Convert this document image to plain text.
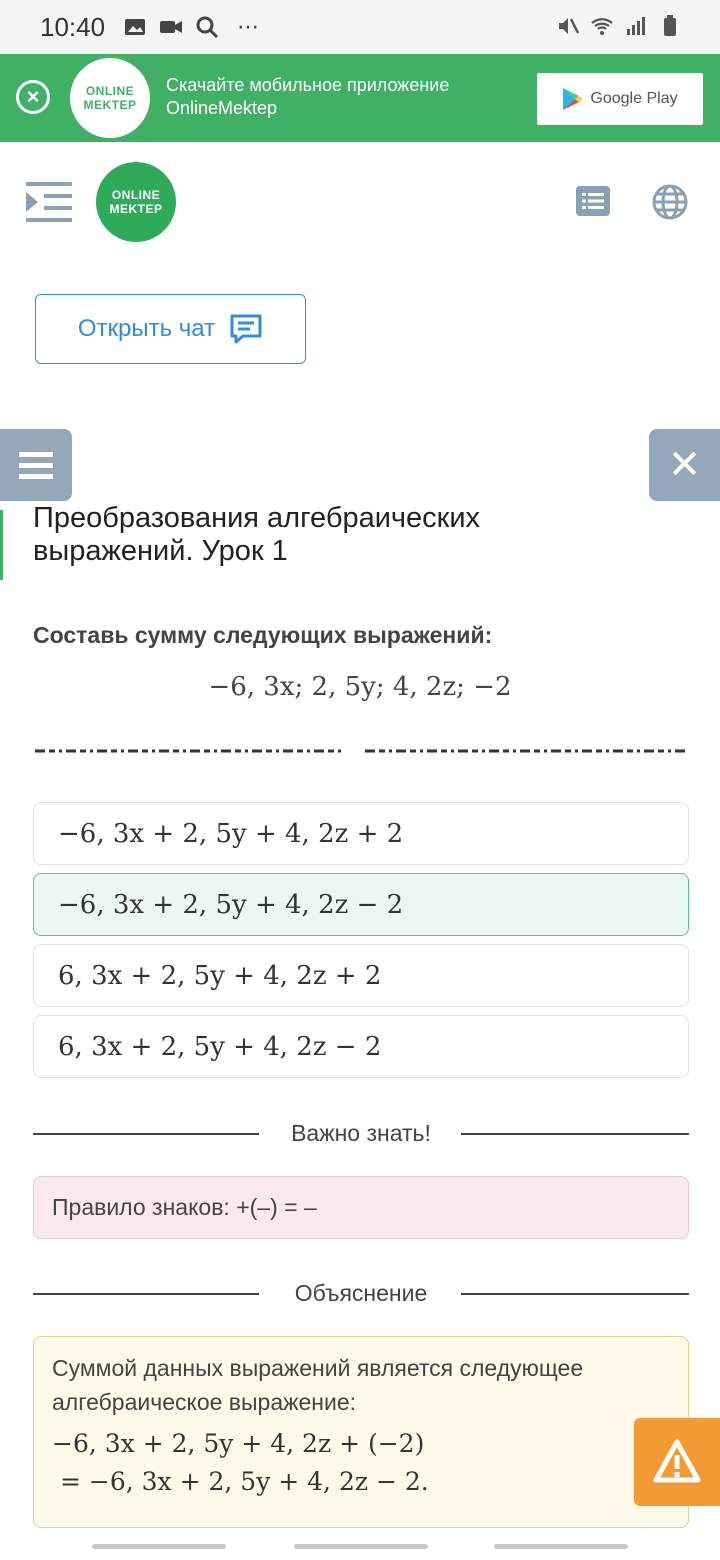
10:40	⋯
×	ONLINE
MEKTEP
Скачайте мобильное приложение OnlineMektep	Google Play
ONLINE
MEKTEP
Открыть чат
✕
Преобразования алгебраических выражений. Урок 1
Составь сумму следующих выражений:
−6, 3x; 2, 5y; 4, 2z; −2
−6, 3x + 2, 5y + 4, 2z + 2
−6, 3x + 2, 5y + 4, 2z − 2
6, 3x + 2, 5y + 4, 2z + 2
6, 3x + 2, 5y + 4, 2z − 2
Важно знать!
Правило знаков: +(–) = –
Объяснение
Суммой данных выражений является следующее алгебраическое выражение:
−6, 3x + 2, 5y + 4, 2z + (−2)
= −6, 3x + 2, 5y + 4, 2z − 2.
